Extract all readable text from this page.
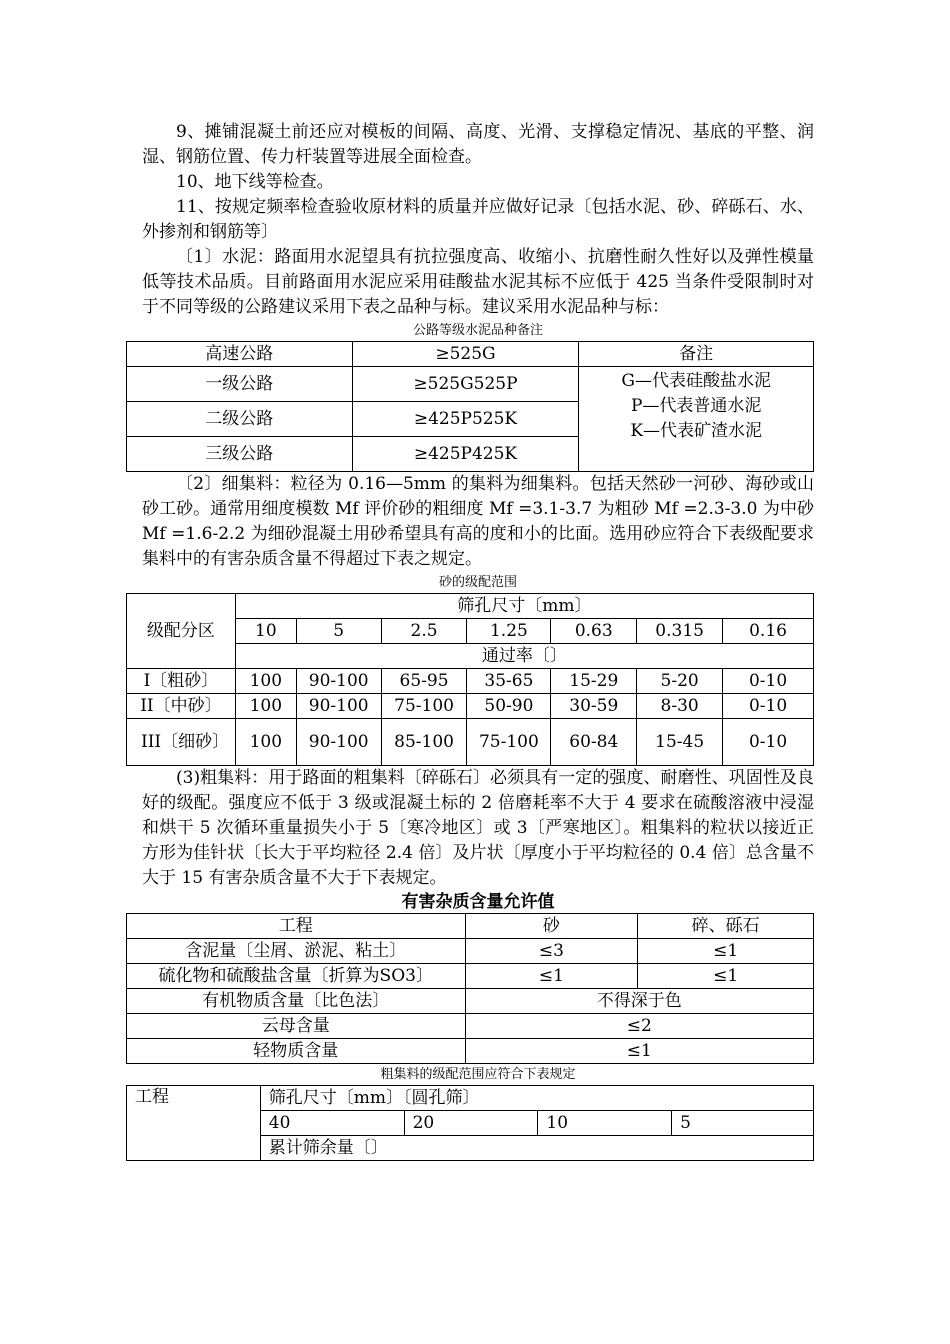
9、摊铺混凝土前还应对模板的间隔、高度、光滑、支撑稳定情况、基底的平整、润湿、钢筋位置、传力杆装置等进展全面检查。

10、地下线等检查。

11、按规定频率检查验收原材料的质量并应做好记录〔包括水泥、砂、碎砾石、水、外掺剂和钢筋等〕

〔1〕水泥：路面用水泥望具有抗拉强度高、收缩小、抗磨性耐久性好以及弹性模量低等技术品质。目前路面用水泥应采用硅酸盐水泥其标不应低于 425 当条件受限制时对于不同等级的公路建议采用下表之品种与标。建议采用水泥品种与标：

公路等级水泥品种备注
高速公路	≥525G	备注
一级公路	≥525G525P	G—代表硅酸盐水泥
P—代表普通水泥
K—代表矿渣水泥

二级公路	≥425P525K	
三级公路	≥425P425K	

〔2〕细集料：粒径为 0.16—5mm 的集料为细集料。包括天然砂一河砂、海砂或山砂工砂。通常用细度模数 Mf 评价砂的粗细度 Mf =3.1-3.7 为粗砂 Mf =2.3-3.0 为中砂 Mf =1.6-2.2 为细砂混凝土用砂希望具有高的度和小的比面。选用砂应符合下表级配要求集料中的有害杂质含量不得超过下表之规定。

砂的级配范围
级配分区	筛孔尺寸〔mm〕						
	10	5	2.5	1.25	0.63	0.315	0.16
	通过率〔〕						
I〔粗砂〕	100	90-100	65-95	35-65	15-29	5-20	0-10
II〔中砂〕	100	90-100	75-100	50-90	30-59	8-30	0-10
III〔细砂〕	100	90-100	85-100	75-100	60-84	15-45	0-10

(3)粗集料：用于路面的粗集料〔碎砾石〕必须具有一定的强度、耐磨性、巩固性及良好的级配。强度应不低于 3 级或混凝土标的 2 倍磨耗率不大于 4 要求在硫酸溶液中浸湿和烘干 5 次循环重量损失小于 5〔寒冷地区〕或 3〔严寒地区〕。粗集料的粒状以接近正方形为佳针状〔长大于平均粒径 2.4 倍〕及片状〔厚度小于平均粒径的 0.4 倍〕总含量不大于 15 有害杂质含量不大于下表规定。

有害杂质含量允许值
工程	砂	碎、砾石
含泥量〔尘屑、淤泥、粘土〕	≤3	≤1
硫化物和硫酸盐含量〔折算为SO3〕	≤1	≤1
有机物质含量〔比色法〕	不得深于色	
云母含量	≤2	
轻物质含量	≤1	
粗集料的级配范围应符合下表规定
工程	筛孔尺寸〔mm〕〔圆孔筛〕			
	40	20	10	5
	累计筛余量〔〕			
